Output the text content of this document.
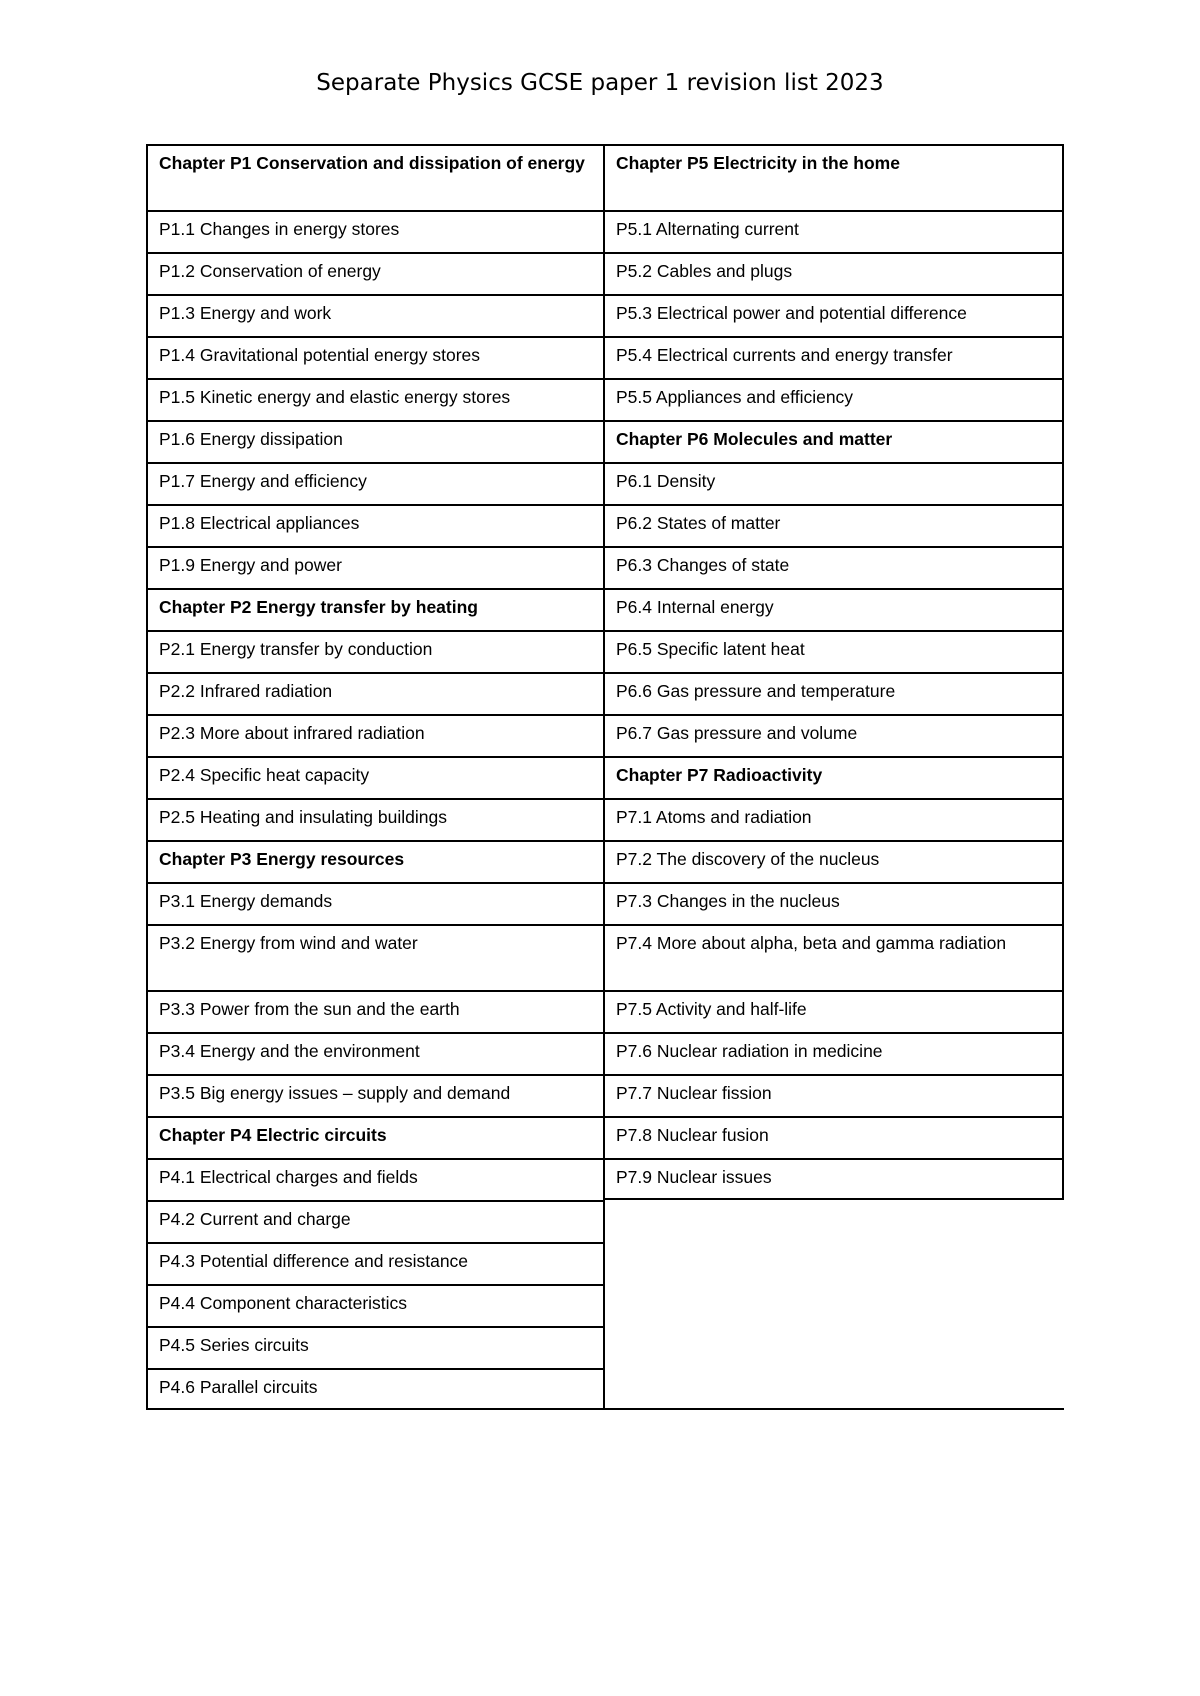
Separate Physics GCSE paper 1 revision list 2023
Chapter P1 Conservation and dissipation of energy	Chapter P5 Electricity in the home
P1.1 Changes in energy stores	P5.1 Alternating current
P1.2 Conservation of energy	P5.2 Cables and plugs
P1.3 Energy and work	P5.3 Electrical power and potential difference
P1.4 Gravitational potential energy stores	P5.4 Electrical currents and energy transfer
P1.5 Kinetic energy and elastic energy stores	P5.5 Appliances and efficiency
P1.6 Energy dissipation	Chapter P6 Molecules and matter
P1.7 Energy and efficiency	P6.1 Density
P1.8 Electrical appliances	P6.2 States of matter
P1.9 Energy and power	P6.3 Changes of state
Chapter P2 Energy transfer by heating	P6.4 Internal energy
P2.1 Energy transfer by conduction	P6.5 Specific latent heat
P2.2 Infrared radiation	P6.6 Gas pressure and temperature
P2.3 More about infrared radiation	P6.7 Gas pressure and volume
P2.4 Specific heat capacity	Chapter P7 Radioactivity
P2.5 Heating and insulating buildings	P7.1 Atoms and radiation
Chapter P3 Energy resources	P7.2 The discovery of the nucleus
P3.1 Energy demands	P7.3 Changes in the nucleus
P3.2 Energy from wind and water	P7.4 More about alpha, beta and gamma radiation
P3.3 Power from the sun and the earth	P7.5 Activity and half-life
P3.4 Energy and the environment	P7.6 Nuclear radiation in medicine
P3.5 Big energy issues – supply and demand	P7.7 Nuclear fission
Chapter P4 Electric circuits	P7.8 Nuclear fusion
P4.1 Electrical charges and fields	P7.9 Nuclear issues
P4.2 Current and charge
P4.3 Potential difference and resistance
P4.4 Component characteristics
P4.5 Series circuits
P4.6 Parallel circuits
